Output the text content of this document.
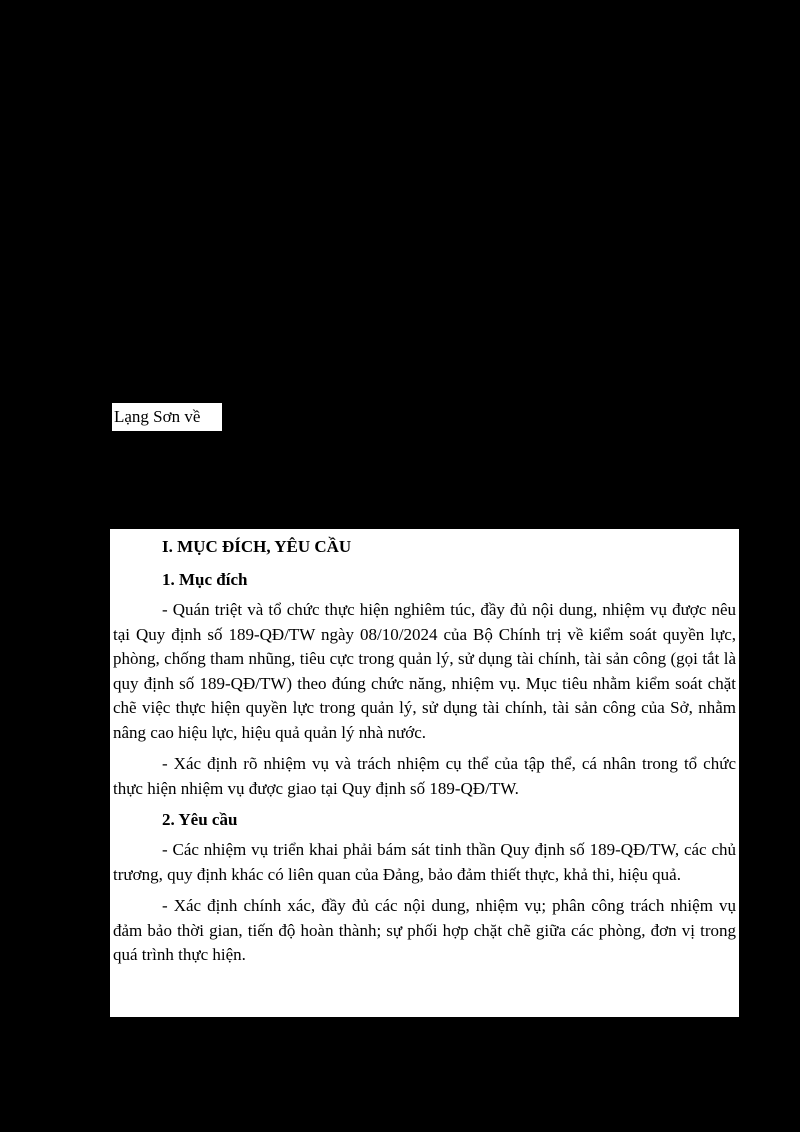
Lạng Sơn về

I. MỤC ĐÍCH, YÊU CẦU

1. Mục đích

- Quán triệt và tổ chức thực hiện nghiêm túc, đầy đủ nội dung, nhiệm vụ được nêu tại Quy định số 189-QĐ/TW ngày 08/10/2024 của Bộ Chính trị về kiểm soát quyền lực, phòng, chống tham nhũng, tiêu cực trong quản lý, sử dụng tài chính, tài sản công (gọi tắt là quy định số 189-QĐ/TW) theo đúng chức năng, nhiệm vụ. Mục tiêu nhằm kiểm soát chặt chẽ việc thực hiện quyền lực trong quản lý, sử dụng tài chính, tài sản công của Sở, nhằm nâng cao hiệu lực, hiệu quả quản lý nhà nước.

- Xác định rõ nhiệm vụ và trách nhiệm cụ thể của tập thể, cá nhân trong tổ chức thực hiện nhiệm vụ được giao tại Quy định số 189-QĐ/TW.

2. Yêu cầu

- Các nhiệm vụ triển khai phải bám sát tinh thần Quy định số 189-QĐ/TW, các chủ trương, quy định khác có liên quan của Đảng, bảo đảm thiết thực, khả thi, hiệu quả.

- Xác định chính xác, đầy đủ các nội dung, nhiệm vụ; phân công trách nhiệm vụ đảm bảo thời gian, tiến độ hoàn thành; sự phối hợp chặt chẽ giữa các phòng, đơn vị trong quá trình thực hiện.
